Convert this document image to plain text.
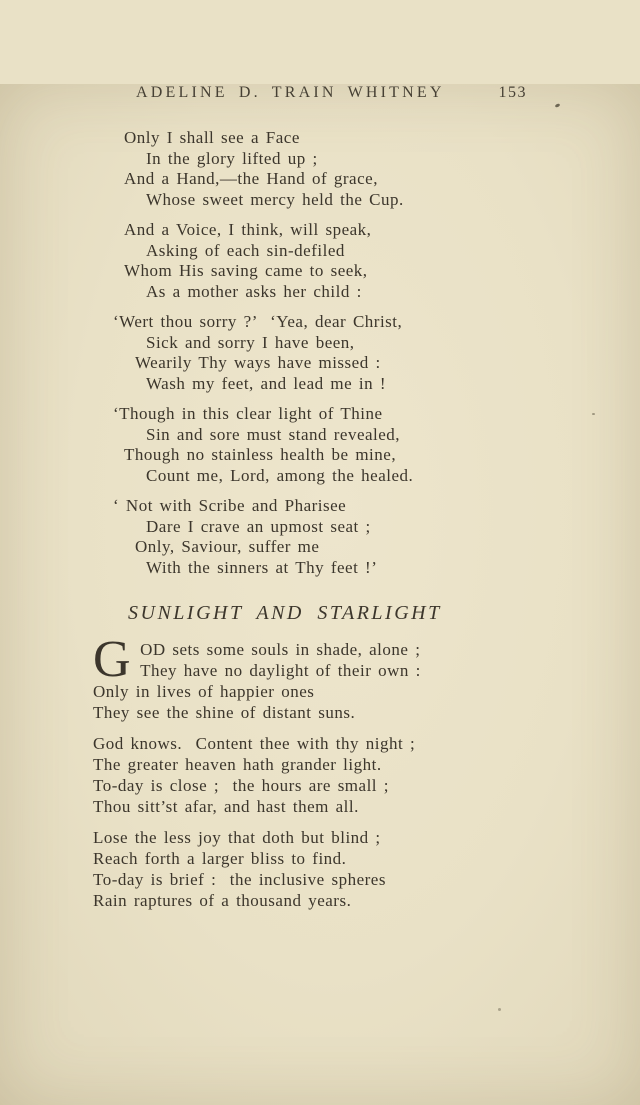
ADELINE D. TRAIN WHITNEY	153
Only I shall see a Face
In the glory lifted up ;
And a Hand,—the Hand of grace,
Whose sweet mercy held the Cup.
And a Voice, I think, will speak,
Asking of each sin-defiled
Whom His saving came to seek,
As a mother asks her child :
‘Wert thou sorry ?’  ‘Yea, dear Christ,
Sick and sorry I have been,
Wearily Thy ways have missed :
Wash my feet, and lead me in !
‘Though in this clear light of Thine
Sin and sore must stand revealed,
Though no stainless health be mine,
Count me, Lord, among the healed.
‘ Not with Scribe and Pharisee
Dare I crave an upmost seat ;
Only, Saviour, suffer me
With the sinners at Thy feet !’
SUNLIGHT AND STARLIGHT
GOD sets some souls in shade, alone ;
They have no daylight of their own :
Only in lives of happier ones
They see the shine of distant suns.
God knows.  Content thee with thy night ;
The greater heaven hath grander light.
To-day is close ;  the hours are small ;
Thou sitt’st afar, and hast them all.
Lose the less joy that doth but blind ;
Reach forth a larger bliss to find.
To-day is brief :  the inclusive spheres
Rain raptures of a thousand years.
